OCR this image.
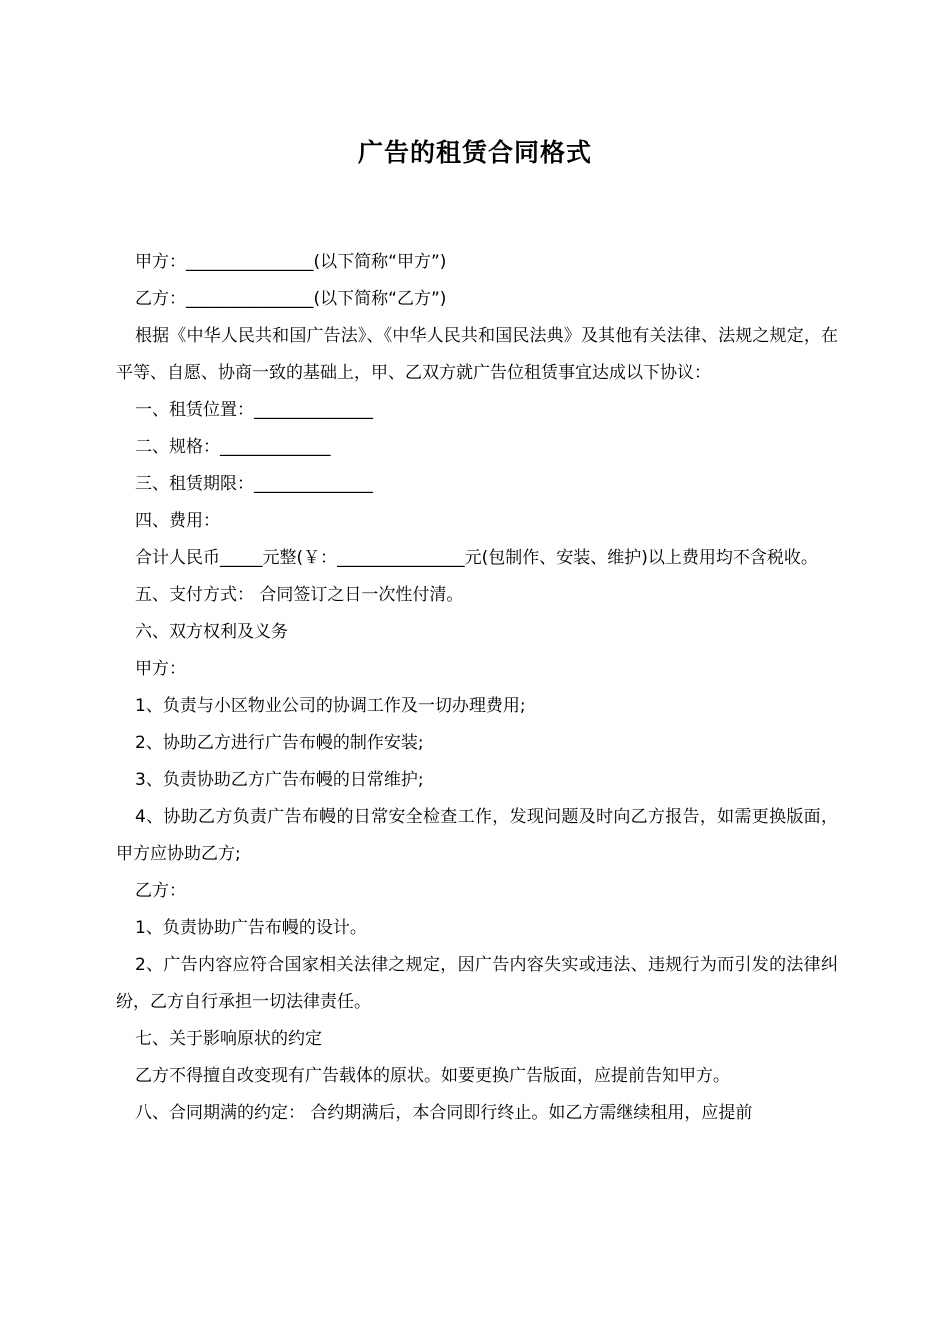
广告的租赁合同格式

甲方：_______________(以下简称“甲方”)

乙方：_______________(以下简称“乙方”)

根据《中华人民共和国广告法》、《中华人民共和国民法典》及其他有关法律、法规之规定，在平等、自愿、协商一致的基础上，甲、乙双方就广告位租赁事宜达成以下协议：

一、租赁位置：______________

二、规格：_____________

三、租赁期限：______________

四、费用：

合计人民币_____元整(￥：_______________元(包制作、安装、维护)以上费用均不含税收。

五、支付方式： 合同签订之日一次性付清。

六、双方权利及义务

甲方：

1、负责与小区物业公司的协调工作及一切办理费用;

2、协助乙方进行广告布幔的制作安装;

3、负责协助乙方广告布幔的日常维护;

4、协助乙方负责广告布幔的日常安全检查工作，发现问题及时向乙方报告，如需更换版面，甲方应协助乙方;

乙方：

1、负责协助广告布幔的设计。

2、广告内容应符合国家相关法律之规定，因广告内容失实或违法、违规行为而引发的法律纠纷，乙方自行承担一切法律责任。

七、关于影响原状的约定

乙方不得擅自改变现有广告载体的原状。如要更换广告版面，应提前告知甲方。

八、合同期满的约定： 合约期满后，本合同即行终止。如乙方需继续租用，应提前
